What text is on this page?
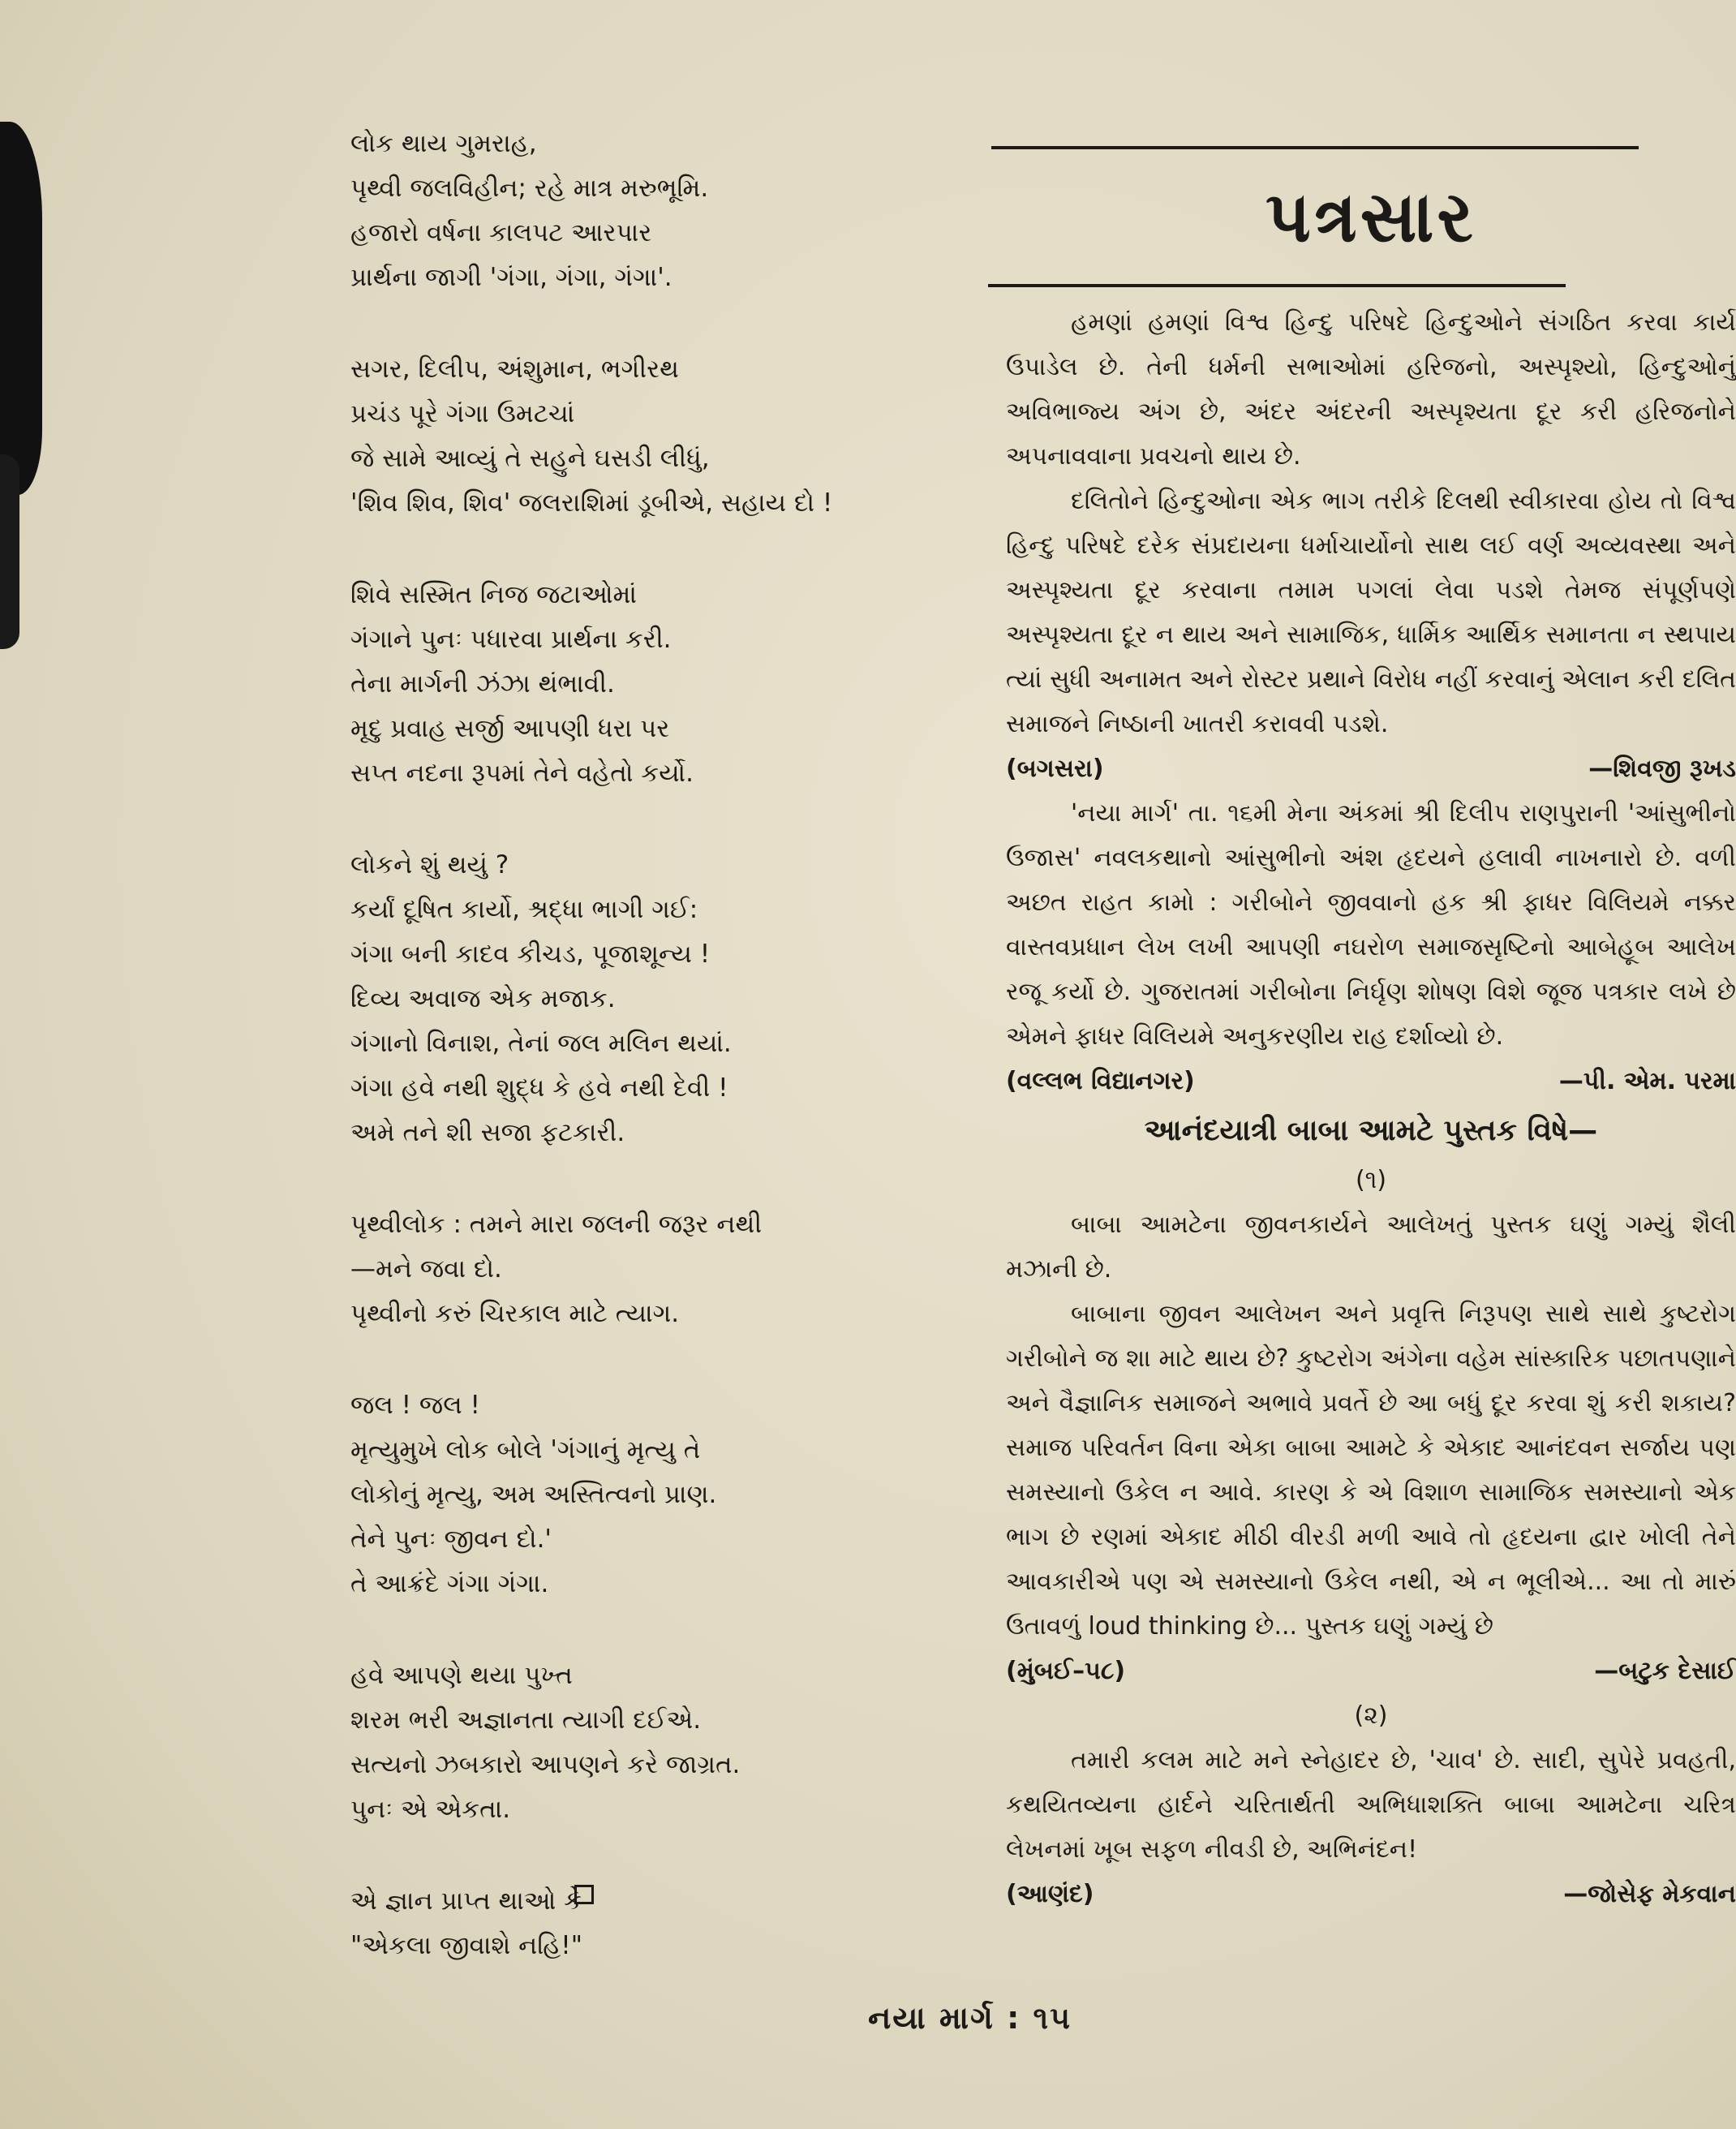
લોક થાય ગુમરાહ,
પૃથ્વી જલવિહીન; રહે માત્ર મરુભૂમિ.
હજારો વર્ષના કાલપટ આરપાર
પ્રાર્થના જાગી 'ગંગા, ગંગા, ગંગા'.
સગર, દિલીપ, અંશુમાન, ભગીરથ
પ્રચંડ પૂરે ગંગા ઉમટચાં
જે સામે આવ્યું તે સહુને ઘસડી લીધું,
'શિવ શિવ, શિવ' જલરાશિમાં ડૂબીએ, સહાય દો !
શિવે સસ્મિત નિજ જટાઓમાં
ગંગાને પુનઃ પધારવા પ્રાર્થના કરી.
તેના માર્ગની ઝંઝા થંભાવી.
મૃદુ પ્રવાહ સર્જી આપણી ધરા પર
સપ્ત નદના રૂપમાં તેને વહેતો કર્યો.
લોકને શું થયું ?
કર્યાં દૂષિત કાર્યો, શ્રદ્ધા ભાગી ગઈ:
ગંગા બની કાદવ કીચડ, પૂજાશૂન્ય !
દિવ્ય અવાજ એક મજાક.
ગંગાનો વિનાશ, તેનાં જલ મલિન થયાં.
ગંગા હવે નથી શુદ્ધ કે હવે નથી દેવી !
અમે તને શી સજા ફટકારી.
પૃથ્વીલોક : તમને મારા જલની જરૂર નથી
—મને જવા દો.
પૃથ્વીનો કરું ચિરકાલ માટે ત્યાગ.
જલ ! જલ !
મૃત્યુમુખે લોક બોલે 'ગંગાનું મૃત્યુ તે
લોકોનું મૃત્યુ, અમ અસ્તિત્વનો પ્રાણ.
તેને પુનઃ જીવન દો.'
તે આક્રંદે ગંગા ગંગા.
હવે આપણે થયા પુખ્ત
શરમ ભરી અજ્ઞાનતા ત્યાગી દઈએ.
સત્યનો ઝબકારો આપણને કરે જાગ્રત.
પુનઃ એ એકતા.
એ જ્ઞાન પ્રાપ્ત થાઓ કે
"એકલા જીવાશે નહિ!"
પત્રસાર

હમણાં હમણાં વિશ્વ હિન્દુ પરિષદે હિન્દુઓને સંગઠિત કરવા કાર્ય ઉપાડેલ છે. તેની ધર્મની સભાઓમાં હરિજનો, અસ્પૃશ્યો, હિન્દુઓનું અવિભાજ્ય અંગ છે, અંદર અંદરની અસ્પૃશ્યતા દૂર કરી હરિજનોને અપનાવવાના પ્રવચનો થાય છે.

દલિતોને હિન્દુઓના એક ભાગ તરીકે દિલથી સ્વીકારવા હોય તો વિશ્વ હિન્દુ પરિષદે દરેક સંપ્રદાયના ધર્માચાર્યોનો સાથ લઈ વર્ણ અવ્યવસ્થા અને અસ્પૃશ્યતા દૂર કરવાના તમામ પગલાં લેવા પડશે તેમજ સંપૂર્ણપણે અસ્પૃશ્યતા દૂર ન થાય અને સામાજિક, ધાર્મિક આર્થિક સમાનતા ન સ્થપાય ત્યાં સુધી અનામત અને રોસ્ટર પ્રથાને વિરોધ નહીં કરવાનું એલાન કરી દલિત સમાજને નિષ્ઠાની ખાતરી કરાવવી પડશે.

(બગસરા)	—શિવજી રૂખડ

'નયા માર્ગ' તા. ૧૬મી મેના અંકમાં શ્રી દિલીપ રાણપુરાની 'આંસુભીનો ઉજાસ' નવલકથાનો આંસુભીનો અંશ હૃદયને હલાવી નાખનારો છે. વળી અછત રાહત કામો : ગરીબોને જીવવાનો હક શ્રી ફાધર વિલિયમે નક્કર વાસ્તવપ્રધાન લેખ લખી આપણી નઘરોળ સમાજસૃષ્ટિનો આબેહૂબ આલેખ રજૂ કર્યો છે. ગુજરાતમાં ગરીબોના નિર્ઘૃણ શોષણ વિશે જૂજ પત્રકાર લખે છે એમને ફાધર વિલિયમે અનુકરણીય રાહ દર્શાવ્યો છે.

(વલ્લભ વિદ્યાનગર)	—પી. એમ. પરમા
આનંદયાત્રી બાબા આમટે પુસ્તક વિષે—

(૧)

બાબા આમટેના જીવનકાર્યને આલેખતું પુસ્તક ઘણું ગમ્યું શૈલી મઝાની છે.

બાબાના જીવન આલેખન અને પ્રવૃત્તિ નિરૂપણ સાથે સાથે કુષ્ટરોગ ગરીબોને જ શા માટે થાય છે? કુષ્ટરોગ અંગેના વહેમ સાંસ્કારિક પછાતપણાને અને વૈજ્ઞાનિક સમાજને અભાવે પ્રવર્તે છે આ બધું દૂર કરવા શું કરી શકાય? સમાજ પરિવર્તન વિના એકા બાબા આમટે કે એકાદ આનંદવન સર્જાય પણ સમસ્યાનો ઉકેલ ન આવે. કારણ કે એ વિશાળ સામાજિક સમસ્યાનો એક ભાગ છે રણમાં એકાદ મીઠી વીરડી મળી આવે તો હૃદયના દ્વાર ખોલી તેને આવકારીએ પણ એ સમસ્યાનો ઉકેલ નથી, એ ન ભૂલીએ... આ તો મારું ઉતાવળું loud thinking છે... પુસ્તક ઘણું ગમ્યું છે

(મુંબઈ–૫૮)	—બટુક દેસાઈ

(૨)

તમારી કલમ માટે મને સ્નેહાદર છે, 'ચાવ' છે. સાદી, સુપેરે પ્રવહતી, કથયિતવ્યના હાર્દને ચરિતાર્થતી અભિધાશક્તિ બાબા આમટેના ચરિત્ર લેખનમાં ખૂબ સફળ નીવડી છે, અભિનંદન!

(આણંદ)	—જોસેફ મેકવાન
નયા માર્ગ : ૧૫
